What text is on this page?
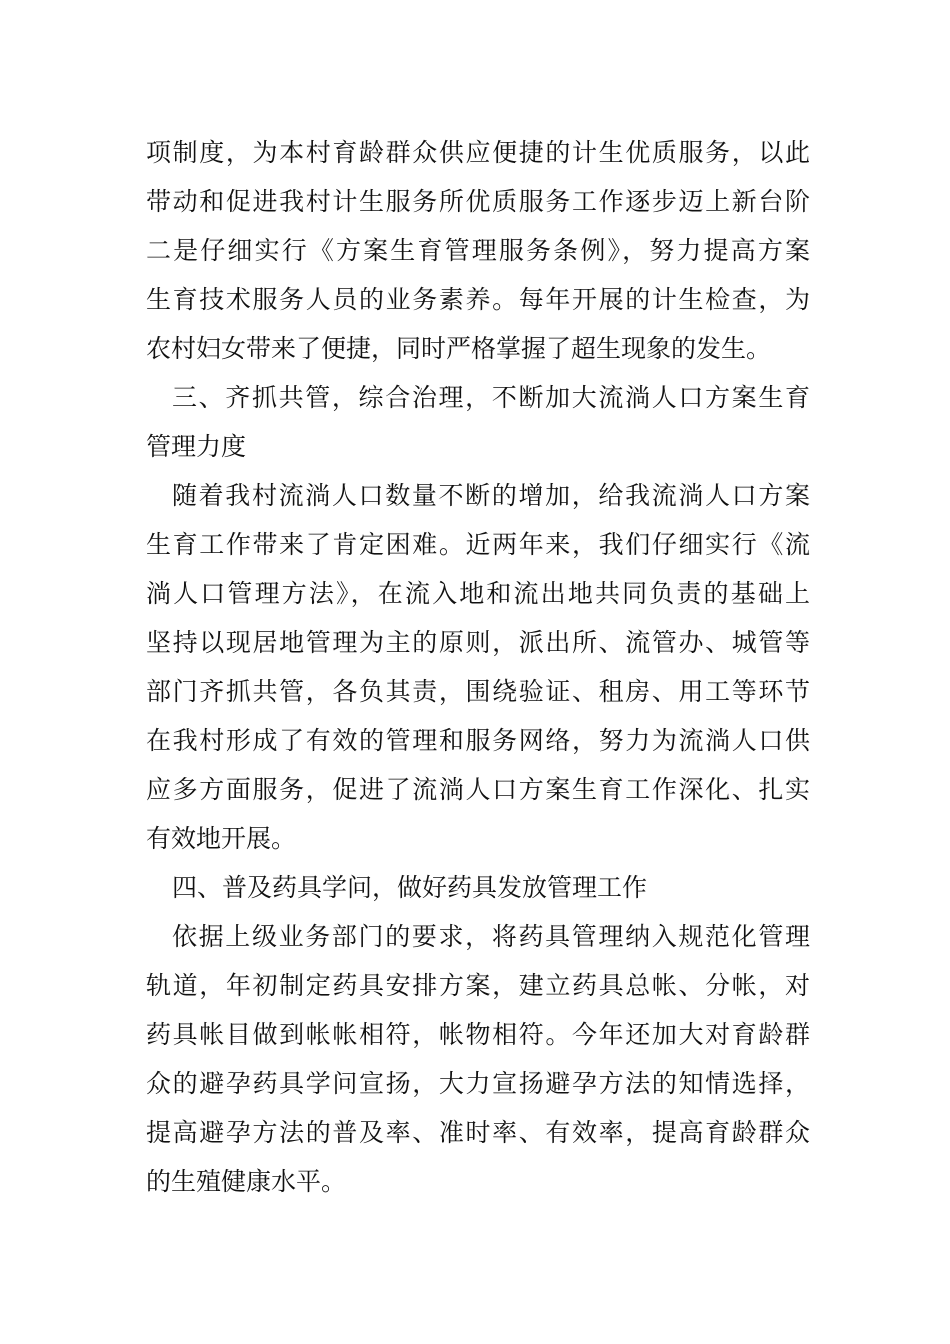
项制度，为本村育龄群众供应便捷的计生优质服务，以此
带动和促进我村计生服务所优质服务工作逐步迈上新台阶
二是仔细实行《方案生育管理服务条例》，努力提高方案
生育技术服务人员的业务素养。每年开展的计生检查，为
农村妇女带来了便捷，同时严格掌握了超生现象的发生。
三、齐抓共管，综合治理，不断加大流淌人口方案生育
管理力度
随着我村流淌人口数量不断的增加，给我流淌人口方案
生育工作带来了肯定困难。近两年来，我们仔细实行《流
淌人口管理方法》，在流入地和流出地共同负责的基础上
坚持以现居地管理为主的原则，派出所、流管办、城管等
部门齐抓共管，各负其责，围绕验证、租房、用工等环节
在我村形成了有效的管理和服务网络，努力为流淌人口供
应多方面服务，促进了流淌人口方案生育工作深化、扎实
有效地开展。
四、普及药具学问，做好药具发放管理工作
依据上级业务部门的要求，将药具管理纳入规范化管理
轨道，年初制定药具安排方案，建立药具总帐、分帐，对
药具帐目做到帐帐相符，帐物相符。今年还加大对育龄群
众的避孕药具学问宣扬，大力宣扬避孕方法的知情选择，
提高避孕方法的普及率、准时率、有效率，提高育龄群众
的生殖健康水平。
